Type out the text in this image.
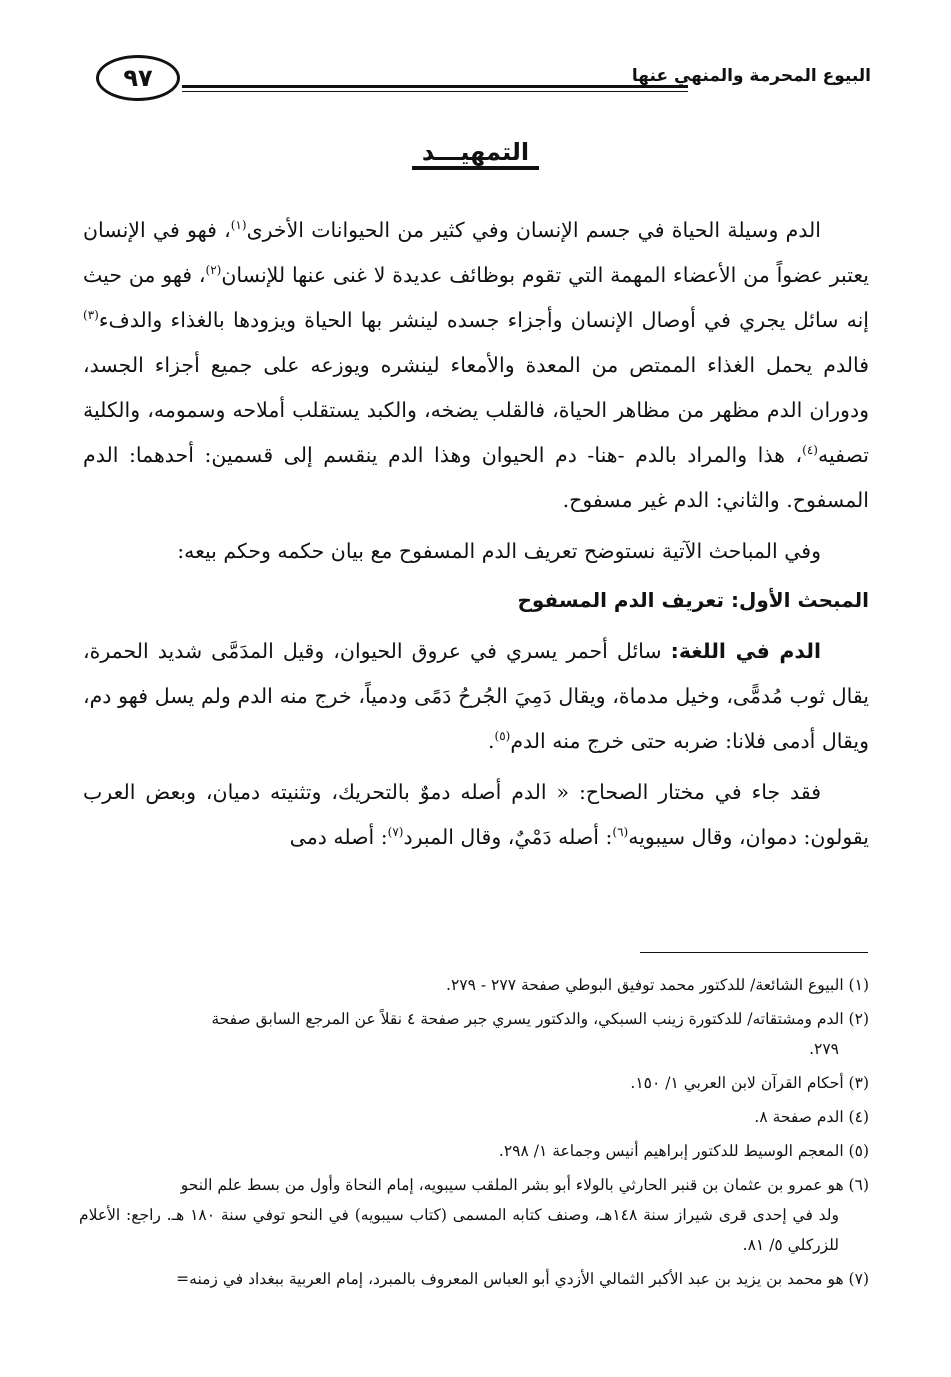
البيوع المحرمة والمنهي عنها
٩٧
التمهيـــد

الدم وسيلة الحياة في جسم الإنسان وفي كثير من الحيوانات الأخرى$^{(١)}$، فهو في الإنسان يعتبر عضواً من الأعضاء المهمة التي تقوم بوظائف عديدة لا غنى عنها للإنسان$^{(٢)}$، فهو من حيث إنه سائل يجري في أوصال الإنسان وأجزاء جسده لينشر بها الحياة ويزودها بالغذاء والدفء$^{(٣)}$ فالدم يحمل الغذاء الممتص من المعدة والأمعاء لينشره ويوزعه على جميع أجزاء الجسد، ودوران الدم مظهر من مظاهر الحياة، فالقلب يضخه، والكبد يستقلب أملاحه وسمومه، والكلية تصفيه$^{(٤)}$، هذا والمراد بالدم -هنا- دم الحيوان وهذا الدم ينقسم إلى قسمين: أحدهما: الدم المسفوح. والثاني: الدم غير مسفوح.

وفي المباحث الآتية نستوضح تعريف الدم المسفوح مع بيان حكمه وحكم بيعه:

المبحث الأول: تعريف الدم المسفوح

الدم في اللغة: سائل أحمر يسري في عروق الحيوان، وقيل المدَمَّى شديد الحمرة، يقال ثوب مُدمًّى، وخيل مدماة، ويقال دَمِيَ الجُرحُ دَمًى ودمياً، خرج منه الدم ولم يسل فهو دم، ويقال أدمى فلانا: ضربه حتى خرج منه الدم$^{(٥)}$.

فقد جاء في مختار الصحاح: « الدم أصله دموٌ بالتحريك، وتثنيته دميان، وبعض العرب يقولون: دموان، وقال سيبويه$^{(٦)}$: أصله دَمْيٌ، وقال المبرد$^{(٧)}$: أصله دمى

(١) البيوع الشائعة/ للدكتور محمد توفيق البوطي صفحة ٢٧٧ - ٢٧٩.
(٢) الدم ومشتقاته/ للدكتورة زينب السبكي، والدكتور يسري جبر صفحة ٤ نقلاً عن المرجع السابق صفحة
٢٧٩.
(٣) أحكام القرآن لابن العربي ١/ ١٥٠.
(٤) الدم صفحة ٨.
(٥) المعجم الوسيط للدكتور إبراهيم أنيس وجماعة ١/ ٢٩٨.
(٦) هو عمرو بن عثمان بن قنبر الحارثي بالولاء أبو بشر الملقب سيبويه، إمام النحاة وأول من بسط علم النحو
ولد في إحدى قرى شيراز سنة ١٤٨هـ، وصنف كتابه المسمى (كتاب سيبويه) في النحو توفي سنة ١٨٠ هـ. راجع: الأعلام للزركلي ٥/ ٨١.
(٧) هو محمد بن يزيد بن عبد الأكبر الثمالي الأزدي أبو العباس المعروف بالمبرد، إمام العربية ببغداد في زمنه=
